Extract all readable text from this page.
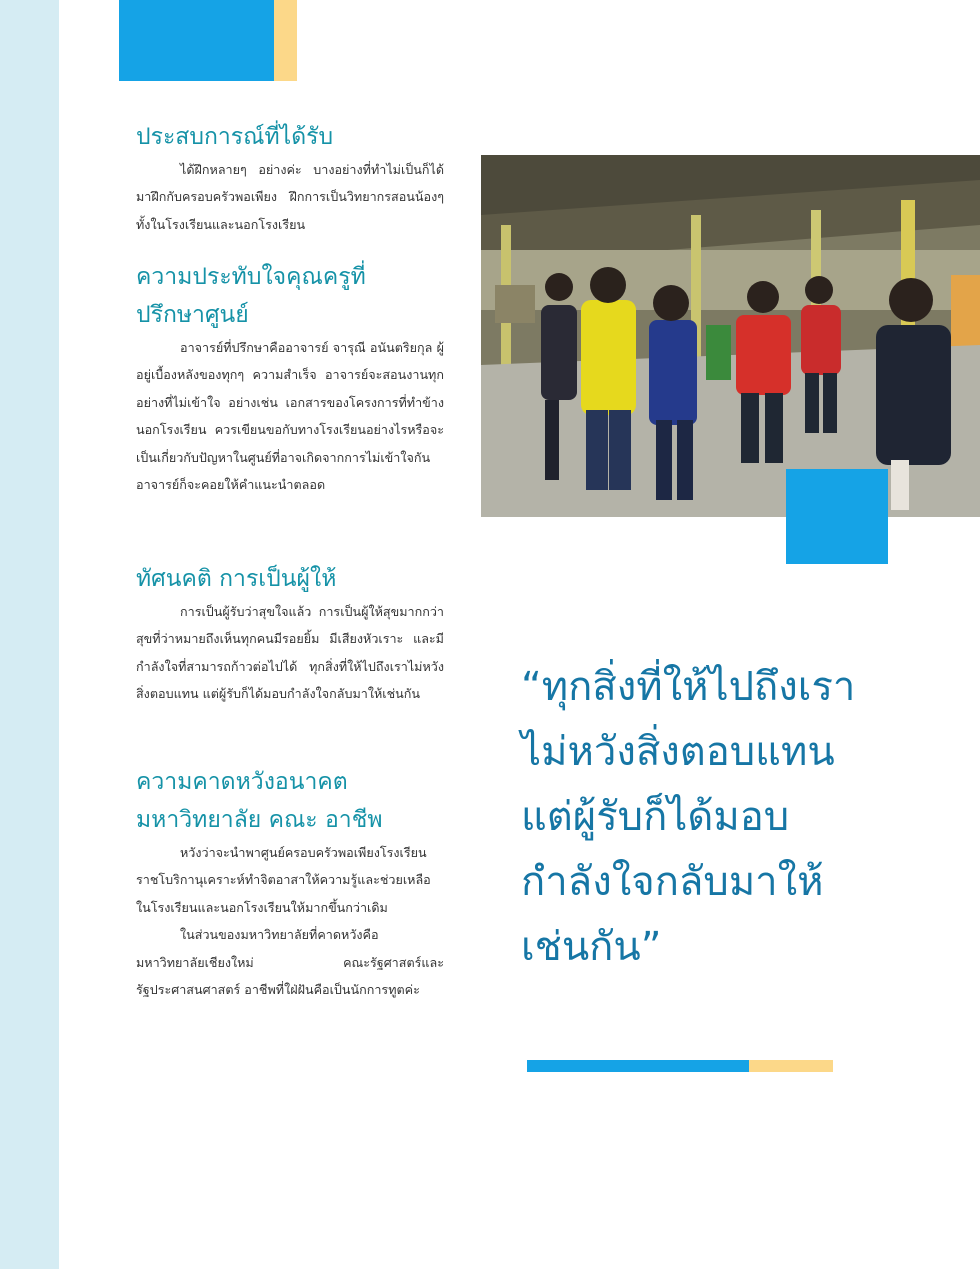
ประสบการณ์ที่ได้รับ

ได้ฝึกหลายๆ อย่างค่ะ บางอย่างที่ทำไม่เป็นก็ได้มาฝึกกับครอบครัวพอเพียง ฝึกการเป็นวิทยากรสอนน้องๆ ทั้งในโรงเรียนและนอกโรงเรียน

ความประทับใจคุณครูที่
ปรึกษาศูนย์

อาจารย์ที่ปรึกษาคืออาจารย์ จารุณี อนันตริยกุล ผู้อยู่เบื้องหลังของทุกๆ ความสำเร็จ อาจารย์จะสอนงานทุกอย่างที่ไม่เข้าใจ อย่างเช่น เอกสารของโครงการที่ทำข้างนอกโรงเรียน ควรเขียนขอกับทางโรงเรียนอย่างไรหรือจะเป็นเกี่ยวกับปัญหาในศูนย์ที่อาจเกิดจากการไม่เข้าใจกัน อาจารย์ก็จะคอยให้คำแนะนำตลอด

ทัศนคติ การเป็นผู้ให้

การเป็นผู้รับว่าสุขใจแล้ว การเป็นผู้ให้สุขมากกว่า สุขที่ว่าหมายถึงเห็นทุกคนมีรอยยิ้ม มีเสียงหัวเราะ และมีกำลังใจที่สามารถก้าวต่อไปได้ ทุกสิ่งที่ให้ไปถึงเราไม่หวังสิ่งตอบแทน แต่ผู้รับก็ได้มอบกำลังใจกลับมาให้เช่นกัน

ความคาดหวังอนาคต
มหาวิทยาลัย คณะ อาชีพ

หวังว่าจะนำพาศูนย์ครอบครัวพอเพียงโรงเรียนราชโบริกานุเคราะห์ทำจิตอาสาให้ความรู้และช่วยเหลือในโรงเรียนและนอกโรงเรียนให้มากขึ้นกว่าเดิม

ในส่วนของมหาวิทยาลัยที่คาดหวังคือมหาวิทยาลัยเชียงใหม่ คณะรัฐศาสตร์และรัฐประศาสนศาสตร์ อาชีพที่ใฝ่ฝันคือเป็นนักการทูตค่ะ

“ทุกสิ่งที่ให้ไปถึงเรา
ไม่หวังสิ่งตอบแทน
แต่ผู้รับก็ได้มอบ
กำลังใจกลับมาให้
เช่นกัน”
